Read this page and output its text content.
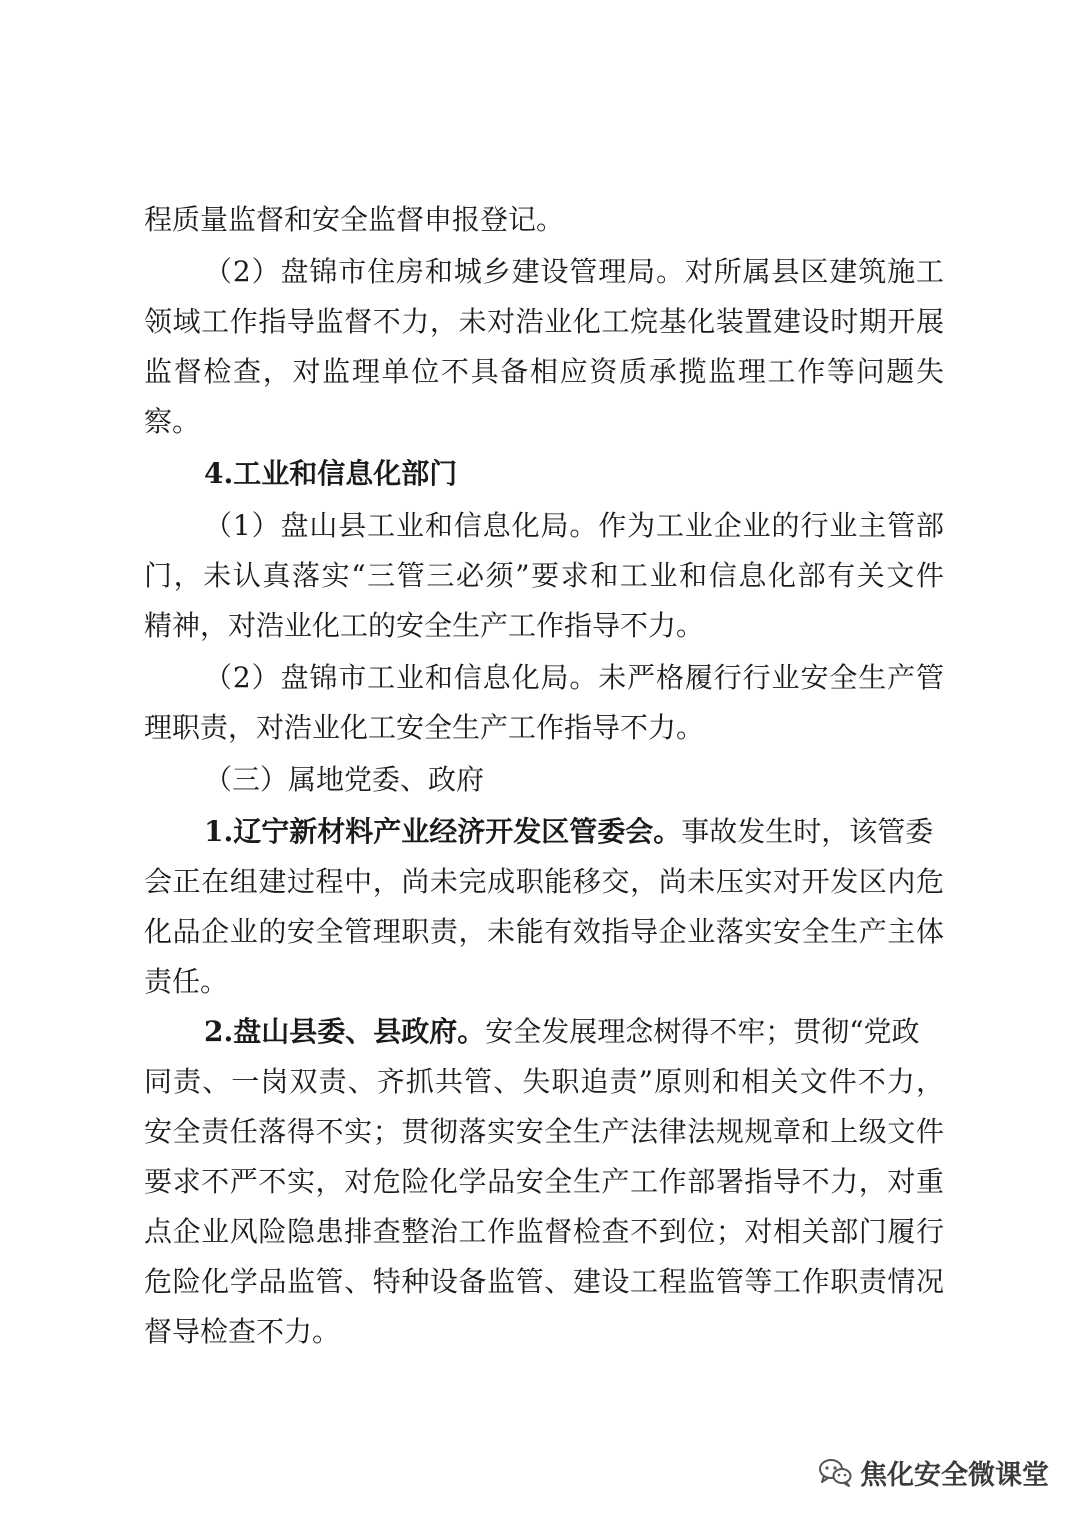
程质量监督和安全监督申报登记。
（2）盘锦市住房和城乡建设管理局。对所属县区建筑施工
领域工作指导监督不力，未对浩业化工烷基化装置建设时期开展
监督检查，对监理单位不具备相应资质承揽监理工作等问题失
察。
4.工业和信息化部门
（1）盘山县工业和信息化局。作为工业企业的行业主管部
门，未认真落实“三管三必须”要求和工业和信息化部有关文件
精神，对浩业化工的安全生产工作指导不力。
（2）盘锦市工业和信息化局。未严格履行行业安全生产管
理职责，对浩业化工安全生产工作指导不力。
（三）属地党委、政府
1.辽宁新材料产业经济开发区管委会。事故发生时，该管委
会正在组建过程中，尚未完成职能移交，尚未压实对开发区内危
化品企业的安全管理职责，未能有效指导企业落实安全生产主体
责任。
2.盘山县委、县政府。安全发展理念树得不牢；贯彻“党政
同责、一岗双责、齐抓共管、失职追责”原则和相关文件不力，
安全责任落得不实；贯彻落实安全生产法律法规规章和上级文件
要求不严不实，对危险化学品安全生产工作部署指导不力，对重
点企业风险隐患排查整治工作监督检查不到位；对相关部门履行
危险化学品监管、特种设备监管、建设工程监管等工作职责情况
督导检查不力。
焦化安全微课堂
